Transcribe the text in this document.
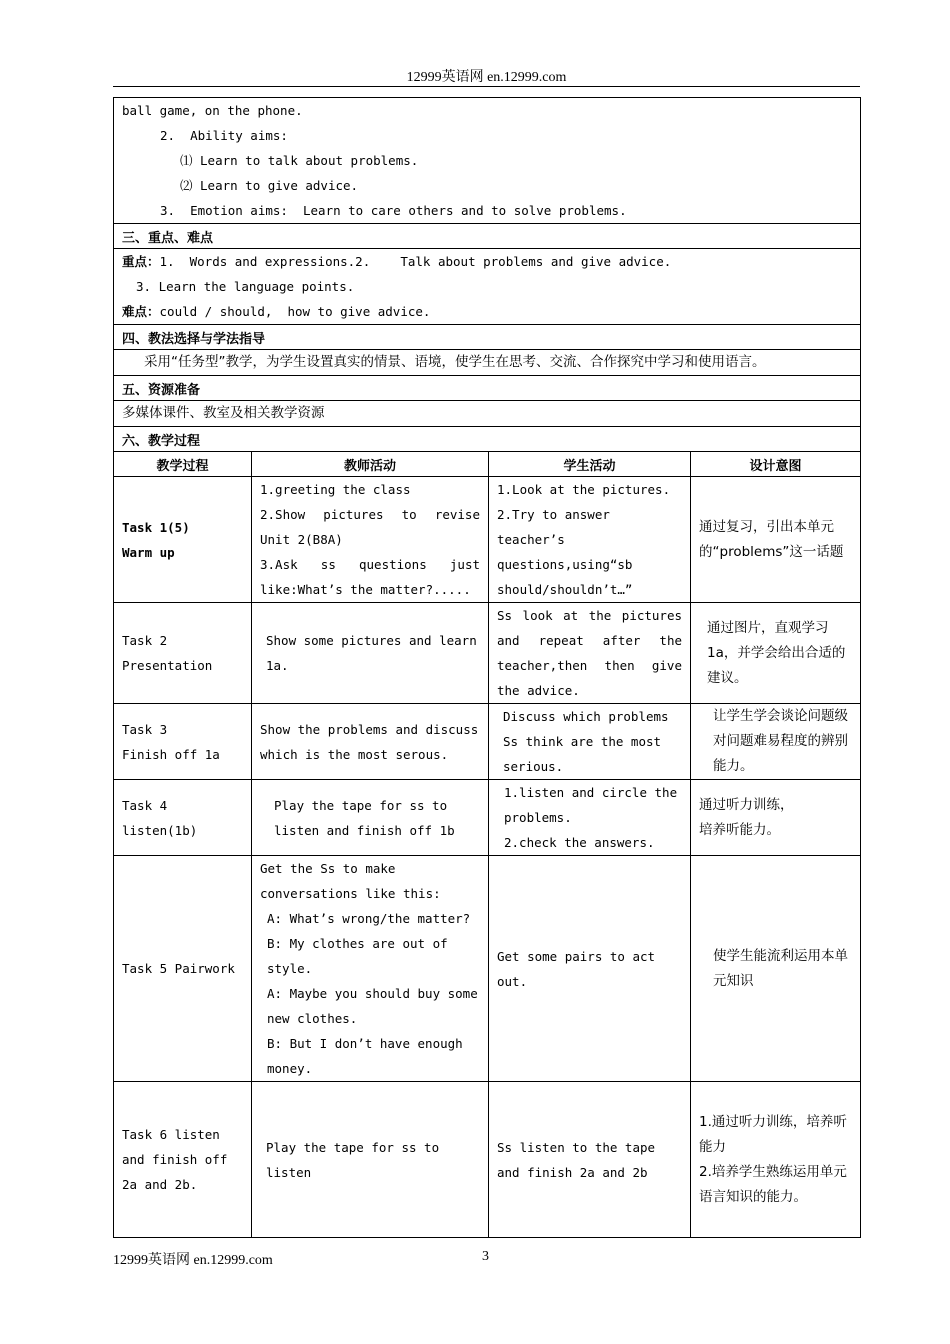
12999英语网 en.12999.com
ball game, on the phone.
2.  Ability aims:
⑴ Learn to talk about problems.
⑵ Learn to give advice.
3.  Emotion aims:  Learn to care others and to solve problems.			

三、重点、难点			

重点：1.  Words and expressions.2.    Talk about problems and give advice.
3. Learn the language points.
难点：could / should,  how to give advice.			

四、教法选择与学法指导			
采用“任务型”教学，为学生设置真实的情景、语境，使学生在思考、交流、合作探究中学习和使用语言。			
五、资源准备			
多媒体课件、教室及相关教学资源			
六、教学过程			
教学过程	教师活动	学生活动	设计意图

Task 1(5)
Warm up	1.greeting the class
2.Show pictures to revise Unit 2(B8A)
3.Ask ss questions just like:What’s the matter?.....	1.Look at the pictures.
2.Try to answer teacher’s questions,using“sb should/shouldn’t…”	通过复习，引出本单元的“problems”这一话题

Task 2
Presentation	Show some pictures and learn 1a.	Ss look at the pictures and repeat after the teacher,then then give the advice.	通过图片，直观学习1a，并学会给出合适的建议。

Task 3
Finish off 1a	Show the problems and discuss which is the most serous.	Discuss which problems Ss think are the most serious.	让学生学会谈论问题级对问题难易程度的辨别能力。

Task 4
listen(1b)	Play the tape for ss to listen and finish off 1b	1.listen and circle the problems.
2.check the answers.	通过听力训练，
培养听能力。

Task 5 Pairwork	Get the Ss to make conversations like this:
A: What’s wrong/the matter?
B: My clothes are out of style.
A: Maybe you should buy some new clothes.
B: But I don’t have enough money.	Get some pairs to act out.	使学生能流利运用本单元知识
Task 6 listen and finish off 2a and 2b.	Play the tape for ss to listen	Ss listen to the tape and finish 2a and 2b	1.通过听力训练，培养听能力
2.培养学生熟练运用单元语言知识的能力。
12999英语网 en.12999.com	3
